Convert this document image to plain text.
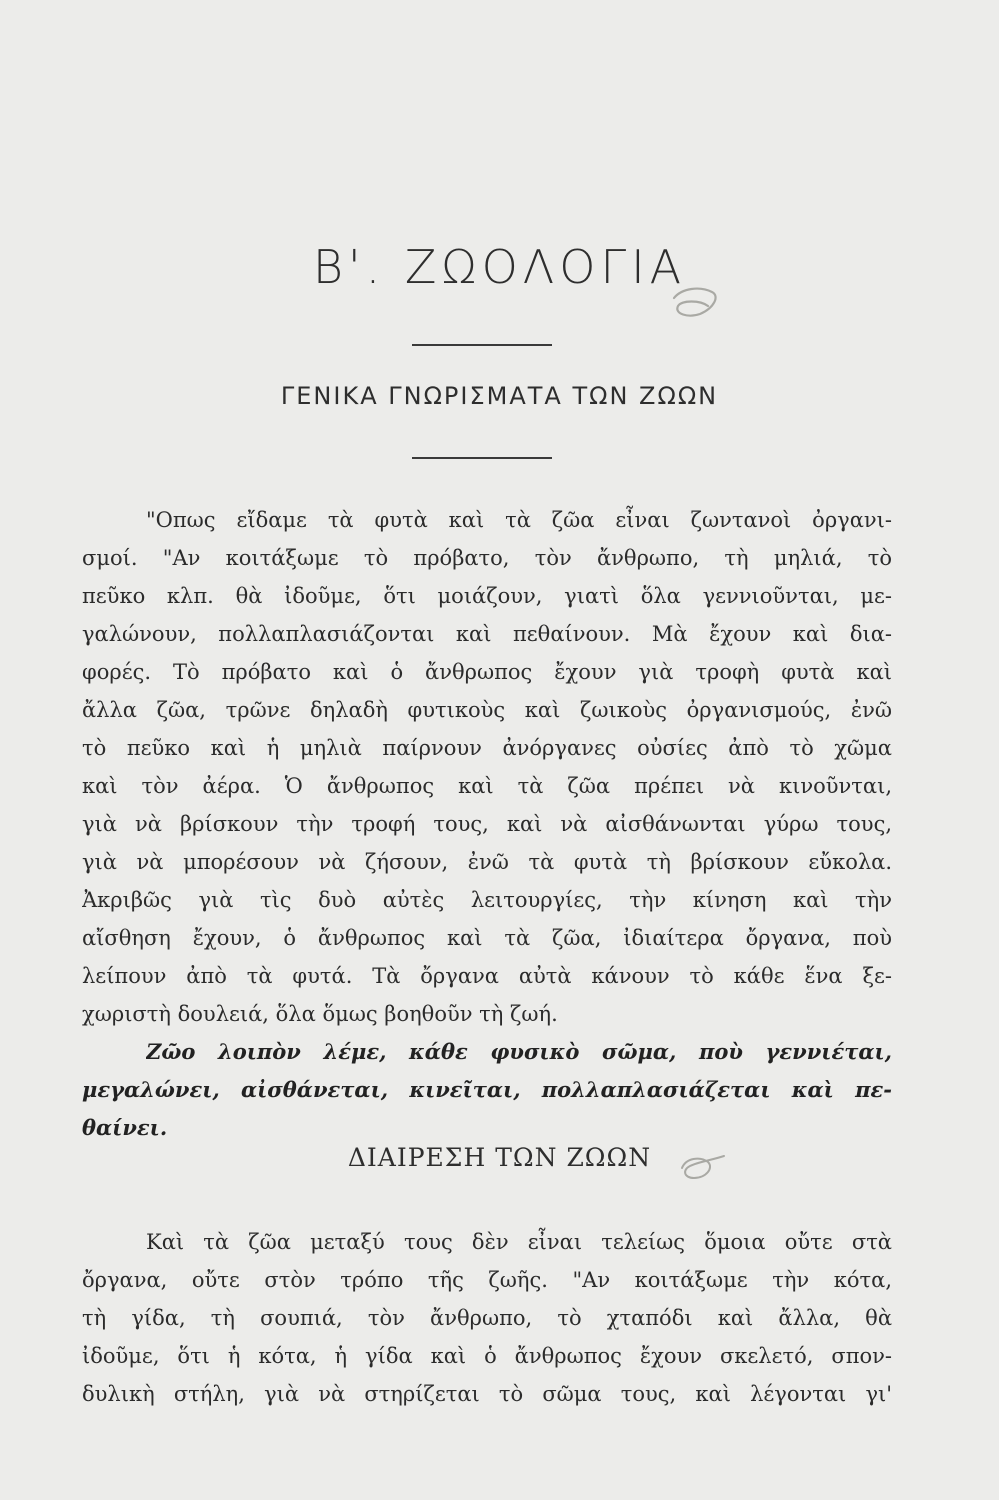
Β'. ΖΩΟΛΟΓΙΑ
ΓΕΝΙΚΑ ΓΝΩΡΙΣΜΑΤΑ ΤΩΝ ΖΩΩΝ
"Οπως εἴδαμε τὰ φυτὰ καὶ τὰ ζῶα εἶναι ζωντανοὶ ὀργανι-
σμοί. "Αν κοιτάξωμε τὸ πρόβατο, τὸν ἄνθρωπο, τὴ μηλιά, τὸ
πεῦκο κλπ. θὰ ἰδοῦμε, ὅτι μοιάζουν, γιατὶ ὅλα γεννιοῦνται, με-
γαλώνουν, πολλαπλασιάζονται καὶ πεθαίνουν. Μὰ ἔχουν καὶ δια-
φορές. Τὸ πρόβατο καὶ ὁ ἄνθρωπος ἔχουν γιὰ τροφὴ φυτὰ καὶ
ἄλλα ζῶα, τρῶνε δηλαδὴ φυτικοὺς καὶ ζωικοὺς ὀργανισμούς, ἐνῶ
τὸ πεῦκο καὶ ἡ μηλιὰ παίρνουν ἀνόργανες οὐσίες ἀπὸ τὸ χῶμα
καὶ τὸν ἀέρα. Ὁ ἄνθρωπος καὶ τὰ ζῶα πρέπει νὰ κινοῦνται,
γιὰ νὰ βρίσκουν τὴν τροφή τους, καὶ νὰ αἰσθάνωνται γύρω τους,
γιὰ νὰ μπορέσουν νὰ ζήσουν, ἐνῶ τὰ φυτὰ τὴ βρίσκουν εὔκολα.
Ἀκριβῶς γιὰ τὶς δυὸ αὐτὲς λειτουργίες, τὴν κίνηση καὶ τὴν
αἴσθηση ἔχουν, ὁ ἄνθρωπος καὶ τὰ ζῶα, ἰδιαίτερα ὄργανα, ποὺ
λείπουν ἀπὸ τὰ φυτά. Τὰ ὄργανα αὐτὰ κάνουν τὸ κάθε ἕνα ξε-
χωριστὴ δουλειά, ὅλα ὅμως βοηθοῦν τὴ ζωή.
Ζῶο λοιπὸν λέμε, κάθε φυσικὸ σῶμα, ποὺ γεννιέται,
μεγαλώνει, αἰσθάνεται, κινεῖται, πολλαπλασιάζεται καὶ πε-
θαίνει.
ΔΙΑΙΡΕΣΗ ΤΩΝ ΖΩΩΝ
Καὶ τὰ ζῶα μεταξύ τους δὲν εἶναι τελείως ὅμοια οὔτε στὰ
ὄργανα, οὔτε στὸν τρόπο τῆς ζωῆς. "Αν κοιτάξωμε τὴν κότα,
τὴ γίδα, τὴ σουπιά, τὸν ἄνθρωπο, τὸ χταπόδι καὶ ἄλλα, θὰ
ἰδοῦμε, ὅτι ἡ κότα, ἡ γίδα καὶ ὁ ἄνθρωπος ἔχουν σκελετό, σπον-
δυλικὴ στήλη, γιὰ νὰ στηρίζεται τὸ σῶμα τους, καὶ λέγονται γι'
